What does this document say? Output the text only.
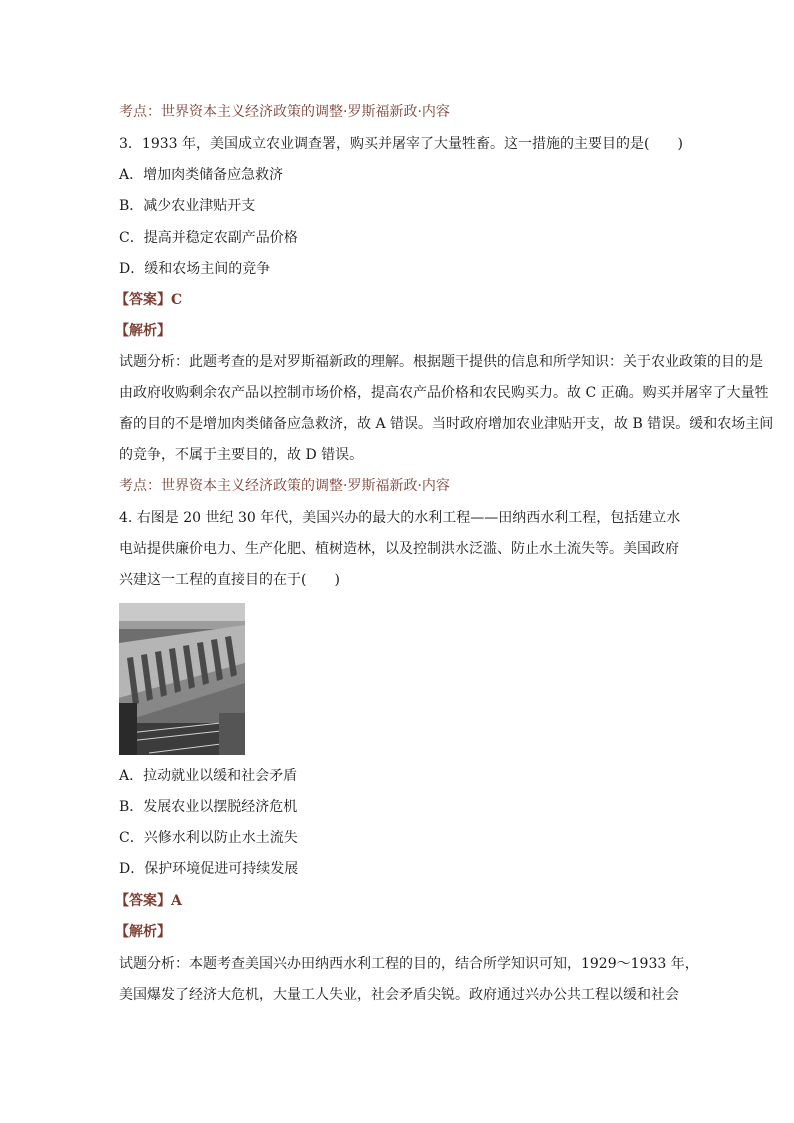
考点：世界资本主义经济政策的调整·罗斯福新政·内容
3．1933 年，美国成立农业调查署，购买并屠宰了大量牲畜。这一措施的主要目的是(　　)
A．增加肉类储备应急救济
B．减少农业津贴开支
C．提高并稳定农副产品价格
D．缓和农场主间的竞争
【答案】C
【解析】
试题分析：此题考查的是对罗斯福新政的理解。根据题干提供的信息和所学知识：关于农业政策的目的是
由政府收购剩余农产品以控制市场价格，提高农产品价格和农民购买力。故 C 正确。购买并屠宰了大量牲
畜的目的不是增加肉类储备应急救济，故 A 错误。当时政府增加农业津贴开支，故 B 错误。缓和农场主间
的竞争，不属于主要目的，故 D 错误。
考点：世界资本主义经济政策的调整·罗斯福新政·内容
4. 右图是 20 世纪 30 年代，美国兴办的最大的水利工程——田纳西水利工程，包括建立水
电站提供廉价电力、生产化肥、植树造林，以及控制洪水泛滥、防止水土流失等。美国政府
兴建这一工程的直接目的在于(　　)
A．拉动就业以缓和社会矛盾
B．发展农业以摆脱经济危机
C．兴修水利以防止水土流失
D．保护环境促进可持续发展
【答案】A
【解析】
试题分析：本题考查美国兴办田纳西水利工程的目的，结合所学知识可知，1929～1933 年，
美国爆发了经济大危机，大量工人失业，社会矛盾尖锐。政府通过兴办公共工程以缓和社会
